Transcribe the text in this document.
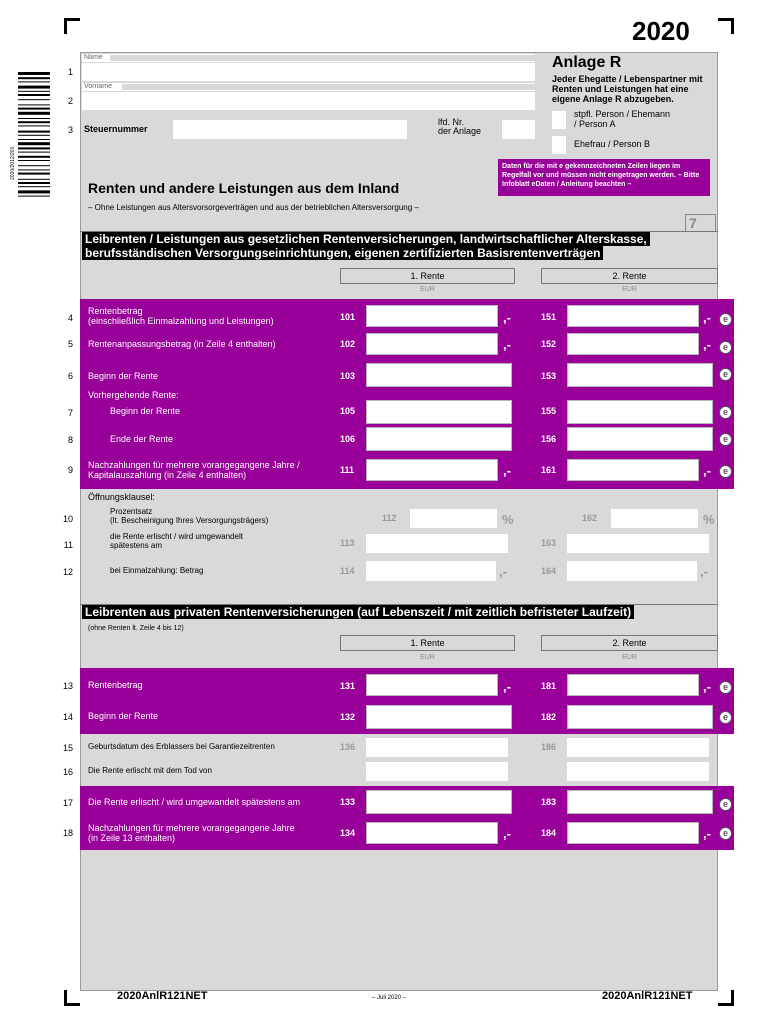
2020
2020/2012/201
1
2
3
Name
Vorname
Steuernummer
lfd. Nr.
der Anlage
Anlage R
Jeder Ehegatte / Lebenspartner mit Renten und Leistungen hat eine eigene Anlage R abzugeben.
stpfl. Person / Ehemann / Person A
Ehefrau / Person B
Daten für die mit e gekennzeichneten Zeilen liegen im Regelfall vor und müssen nicht eingetragen werden. – Bitte Infoblatt eDaten / Anleitung beachten –
Renten und andere Leistungen aus dem Inland
– Ohne Leistungen aus Altersvorsorgeverträgen und aus der betrieblichen Altersversorgung –
7
Leibrenten / Leistungen aus gesetzlichen Rentenversicherungen, landwirtschaftlicher Alterskasse,
berufsständischen Versorgungseinrichtungen, eigenen zertifizierten Basisrentenverträgen
1. Rente	2. Rente
EUR	EUR
4
Rentenbetrag
(einschließlich Einmalzahlung und Leistungen)	101	,-	151	,-	e
5 Rentenanpassungsbetrag (in Zeile 4 enthalten)	102	,-	152	,-	e
6 Beginn der Rente	103	153	e
Vorhergehende Rente:
7	Beginn der Rente	105	155	e
8	Ende der Rente	106	156	e
9 Nachzahlungen für mehrere vorangegangene Jahre /
Kapitalauszahlung (in Zeile 4 enthalten)	111	,-	161	,-	e
Öffnungsklausel:
10
Prozentsatz
(lt. Bescheinigung Ihres Versorgungsträgers)	112	%	162	%
11
die Rente erlischt / wird umgewandelt
spätestens am	113	163
12	bei Einmalzahlung: Betrag	114	,-	164	,-
Leibrenten aus privaten Rentenversicherungen (auf Lebenszeit / mit zeitlich befristeter Laufzeit)
(ohne Renten lt. Zeile 4 bis 12)
1. Rente	2. Rente
EUR	EUR
13 Rentenbetrag	131	,-	181	,-	e
14 Beginn der Rente	132	182	e
15 Geburtsdatum des Erblassers bei Garantiezeitrenten	136	186
16 Die Rente erlischt mit dem Tod von
17 Die Rente erlischt / wird umgewandelt spätestens am	133	183	e
18 Nachzahlungen für mehrere vorangegangene Jahre
(in Zeile 13 enthalten)	134	,-	184	,-	e
2020AnlR121NET	– Juli 2020 –	2020AnlR121NET
